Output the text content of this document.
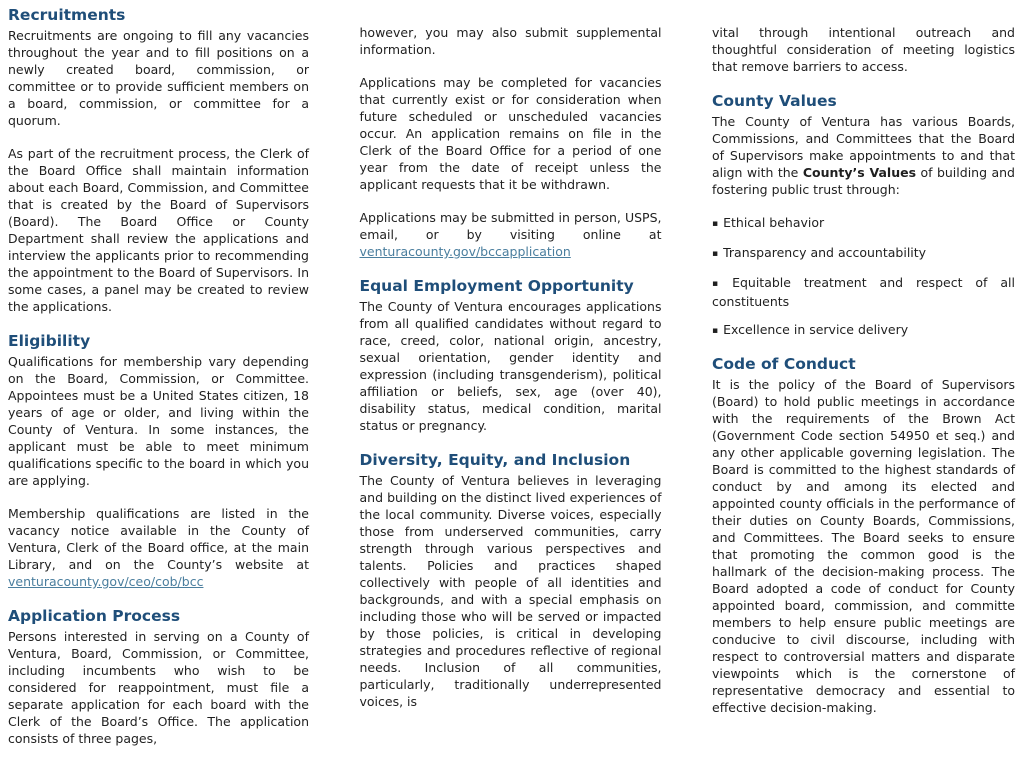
Recruitments

Recruitments are ongoing to fill any vacancies throughout the year and to fill positions on a newly created board, commission, or committee or to provide sufficient members on a board, commission, or committee for a quorum.

As part of the recruitment process, the Clerk of the Board Office shall maintain information about each Board, Commission, and Committee that is created by the Board of Supervisors (Board). The Board Office or County Department shall review the applications and interview the applicants prior to recommending the appointment to the Board of Supervisors. In some cases, a panel may be created to review the applications.

Eligibility

Qualifications for membership vary depending on the Board, Commission, or Committee. Appointees must be a United States citizen, 18 years of age or older, and living within the County of Ventura. In some instances, the applicant must be able to meet minimum qualifications specific to the board in which you are applying.

Membership qualifications are listed in the vacancy notice available in the County of Ventura, Clerk of the Board office, at the main Library, and on the County’s website at venturacounty.gov/ceo/cob/bcc

Application Process

Persons interested in serving on a County of Ventura, Board, Commission, or Committee, including incumbents who wish to be considered for reappointment, must file a separate application for each board with the Clerk of the Board’s Office. The application consists of three pages,

however, you may also submit supplemental information.

Applications may be completed for vacancies that currently exist or for consideration when future scheduled or unscheduled vacancies occur. An application remains on file in the Clerk of the Board Office for a period of one year from the date of receipt unless the applicant requests that it be withdrawn.

Applications may be submitted in person, USPS, email, or by visiting online at venturacounty.gov/bccapplication

Equal Employment Opportunity

The County of Ventura encourages applications from all qualified candidates without regard to race, creed, color, national origin, ancestry, sexual orientation, gender identity and expression (including transgenderism), political affiliation or beliefs, sex, age (over 40), disability status, medical condition, marital status or pregnancy.

Diversity, Equity, and Inclusion

The County of Ventura believes in leveraging and building on the distinct lived experiences of the local community. Diverse voices, especially those from underserved communities, carry strength through various perspectives and talents. Policies and practices shaped collectively with people of all identities and backgrounds, and with a special emphasis on including those who will be served or impacted by those policies, is critical in developing strategies and procedures reflective of regional needs. Inclusion of all communities, particularly, traditionally underrepresented voices, is

vital through intentional outreach and thoughtful consideration of meeting logistics that remove barriers to access.

County Values

The County of Ventura has various Boards, Commissions, and Committees that the Board of Supervisors make appointments to and that align with the County’s Values of building and fostering public trust through:

▪ Ethical behavior
▪ Transparency and accountability
▪ Equitable treatment and respect of all constituents
▪ Excellence in service delivery
Code of Conduct

It is the policy of the Board of Supervisors (Board) to hold public meetings in accordance with the requirements of the Brown Act (Government Code section 54950 et seq.) and any other applicable governing legislation. The Board is committed to the highest standards of conduct by and among its elected and appointed county officials in the performance of their duties on County Boards, Commissions, and Committees. The Board seeks to ensure that promoting the common good is the hallmark of the decision-making process. The Board adopted a code of conduct for County appointed board, commission, and committe members to help ensure public meetings are conducive to civil discourse, including with respect to controversial matters and disparate viewpoints which is the cornerstone of representative democracy and essential to effective decision-making.
